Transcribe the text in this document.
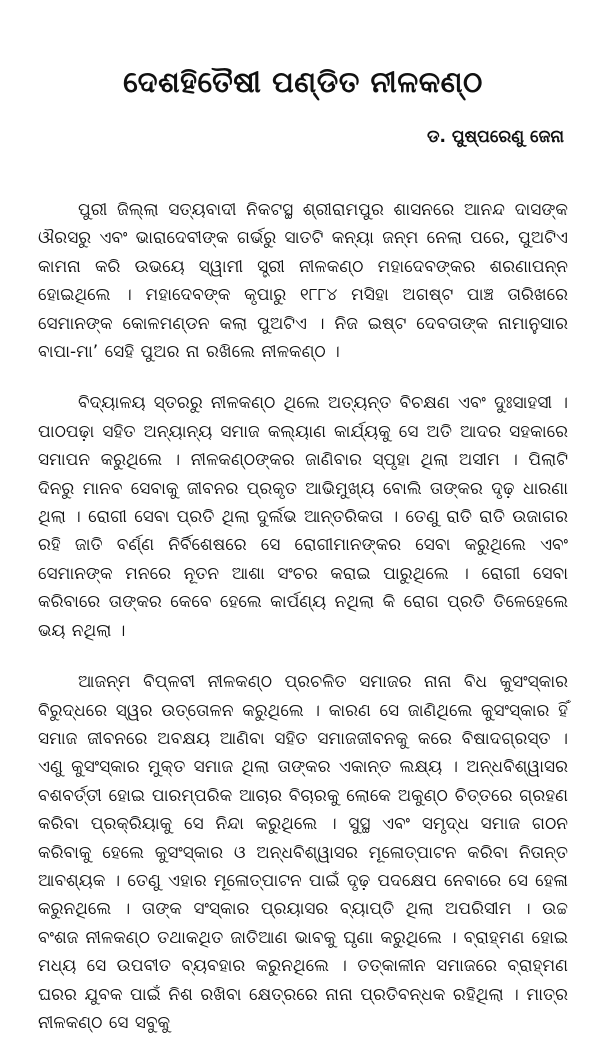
ଦେଶହିତୈଷୀ ପଣ୍ଡିତ ନୀଳକଣ୍ଠ
ଡ. ପୁଷ୍ପରେଣୁ ଜେନା

ପୁରୀ ଜିଲ୍ଲା ସତ୍ୟବାଦୀ ନିକଟସ୍ଥ ଶ୍ରୀରାମପୁର ଶାସନରେ ଆନନ୍ଦ ଦାସଙ୍କ ଔରସରୁ ଏବଂ ଭାରାଦେବୀଙ୍କ ଗର୍ଭରୁ ସାତଟି କନ୍ୟା ଜନ୍ମ ନେଲା ପରେ, ପୁଅଟିଏ କାମନା କରି ଉଭୟେ ସ୍ୱାମୀ ସ୍ତ୍ରୀ ନୀଳକଣ୍ଠ ମହାଦେବଙ୍କର ଶରଣାପନ୍ନ ହୋଇଥିଲେ । ମହାଦେବଙ୍କ କୃପାରୁ ୧୮୮୪ ମସିହା ଅଗଷ୍ଟ ପାଞ୍ଚ ତାରିଖରେ ସେମାନଙ୍କ କୋଳମଣ୍ଡନ କଲା ପୁଅଟିଏ । ନିଜ ଇଷ୍ଟ ଦେବତାଙ୍କ ନାମାନୁସାର ବାପା-ମା’ ସେହି ପୁଅର ନା ରଖିଲେ ନୀଳକଣ୍ଠ ।

ବିଦ୍ୟାଳୟ ସ୍ତରରୁ ନୀଳକଣ୍ଠ ଥିଲେ ଅତ୍ୟନ୍ତ ବିଚକ୍ଷଣ ଏବଂ ଦୁଃସାହସୀ । ପାଠପଢ଼ା ସହିତ ଅନ୍ୟାନ୍ୟ ସମାଜ କଲ୍ୟାଣ କାର୍ଯ୍ୟକୁ ସେ ଅତି ଆଦର ସହକାରେ ସମାପନ କରୁଥିଲେ । ନୀଳକଣ୍ଠଙ୍କର ଜାଣିବାର ସ୍ପୃହା ଥିଲା ଅସୀମ । ପିଲାଟି ଦିନରୁ ମାନବ ସେବାକୁ ଜୀବନର ପ୍ରକୃତ ଆଭିମୁଖ୍ୟ ବୋଲି ତାଙ୍କର ଦୃଢ଼ ଧାରଣା ଥିଲା । ରୋଗୀ ସେବା ପ୍ରତି ଥିଲା ଦୁର୍ଲଭ ଆନ୍ତରିକତା । ତେଣୁ ରାତି ରାତି ଉଜାଗର ରହି ଜାତି ବର୍ଣ୍ଣ ନିର୍ବିଶେଷରେ ସେ ରୋଗୀମାନଙ୍କର ସେବା କରୁଥିଲେ ଏବଂ ସେମାନଙ୍କ ମନରେ ନୂତନ ଆଶା ସଂଚର କରାଇ ପାରୁଥିଲେ । ରୋଗୀ ସେବା କରିବାରେ ତାଙ୍କର କେବେ ହେଲେ କାର୍ପଣ୍ୟ ନଥିଲା କି ରୋଗ ପ୍ରତି ତିଳେହେଲେ ଭୟ ନଥିଲା ।

ଆଜନ୍ମ ବିପ୍ଳବୀ ନୀଳକଣ୍ଠ ପ୍ରଚଳିତ ସମାଜର ନାନା ବିଧ କୁସଂସ୍କାର ବିରୁଦ୍ଧରେ ସ୍ୱର ଉତ୍ତୋଳନ କରୁଥିଲେ । କାରଣ ସେ ଜାଣିଥିଲେ କୁସଂସ୍କାର ହିଁ ସମାଜ ଜୀବନରେ ଅବକ୍ଷୟ ଆଣିବା ସହିତ ସମାଜଜୀବନକୁ କରେ ବିଷାଦଗ୍ରସ୍ତ । ଏଣୁ କୁସଂସ୍କାର ମୁକ୍ତ ସମାଜ ଥିଲା ତାଙ୍କର ଏକାନ୍ତ ଲକ୍ଷ୍ୟ । ଅନ୍ଧବିଶ୍ୱାସର ବଶବର୍ତ୍ତୀ ହୋଇ ପାରମ୍ପରିକ ଆଚାର ବିଚାରକୁ ଲୋକେ ଅକୁଣ୍ଠ ଚିତ୍ତରେ ଗ୍ରହଣ କରିବା ପ୍ରକ୍ରିୟାକୁ ସେ ନିନ୍ଦା କରୁଥିଲେ । ସୁସ୍ଥ ଏବଂ ସମୃଦ୍ଧ ସମାଜ ଗଠନ କରିବାକୁ ହେଲେ କୁସଂସ୍କାର ଓ ଅନ୍ଧବିଶ୍ୱାସର ମୂଳୋତ୍ପାଟନ କରିବା ନିତାନ୍ତ ଆବଶ୍ୟକ । ତେଣୁ ଏହାର ମୂଳୋତ୍ପାଟନ ପାଇଁ ଦୃଢ଼ ପଦକ୍ଷେପ ନେବାରେ ସେ ହେଳା କରୁନଥିଲେ । ତାଙ୍କ ସଂସ୍କାର ପ୍ରୟାସର ବ୍ୟାପ୍ତି ଥିଲା ଅପରିସୀମ । ଉଚ୍ଚ ବଂଶଜ ନୀଳକଣ୍ଠ ତଥାକଥିତ ଜାତିଆଣ ଭାବକୁ ଘୃଣା କରୁଥିଲେ । ବ୍ରାହ୍ମଣ ହୋଇ ମଧ୍ୟ ସେ ଉପବୀତ ବ୍ୟବହାର କରୁନଥିଲେ । ତତ୍କାଳୀନ ସମାଜରେ ବ୍ରାହ୍ମଣ ଘରର ଯୁବକ ପାଇଁ ନିଶ ରଖିବା କ୍ଷେତ୍ରରେ ନାନା ପ୍ରତିବନ୍ଧକ ରହିଥିଲା । ମାତ୍ର ନୀଳକଣ୍ଠ ସେ ସବୁକୁ
